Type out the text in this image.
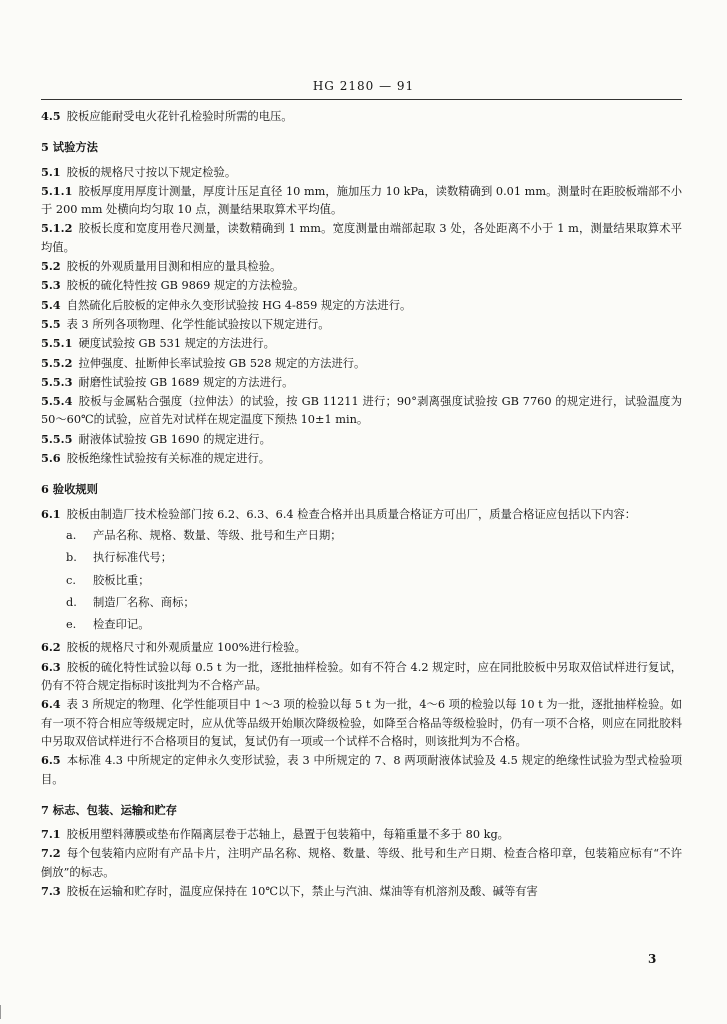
HG 2180 — 91

4.5 胶板应能耐受电火花针孔检验时所需的电压。

5 试验方法

5.1 胶板的规格尺寸按以下规定检验。

5.1.1 胶板厚度用厚度计测量，厚度计压足直径 10 mm，施加压力 10 kPa，读数精确到 0.01 mm。测量时在距胶板端部不小于 200 mm 处横向均匀取 10 点，测量结果取算术平均值。

5.1.2 胶板长度和宽度用卷尺测量，读数精确到 1 mm。宽度测量由端部起取 3 处，各处距离不小于 1 m，测量结果取算术平均值。

5.2 胶板的外观质量用目测和相应的量具检验。

5.3 胶板的硫化特性按 GB 9869 规定的方法检验。

5.4 自然硫化后胶板的定伸永久变形试验按 HG 4-859 规定的方法进行。

5.5 表 3 所列各项物理、化学性能试验按以下规定进行。

5.5.1 硬度试验按 GB 531 规定的方法进行。

5.5.2 拉伸强度、扯断伸长率试验按 GB 528 规定的方法进行。

5.5.3 耐磨性试验按 GB 1689 规定的方法进行。

5.5.4 胶板与金属粘合强度（拉伸法）的试验，按 GB 11211 进行；90°剥离强度试验按 GB 7760 的规定进行，试验温度为 50～60℃的试验，应首先对试样在规定温度下预热 10±1 min。

5.5.5 耐液体试验按 GB 1690 的规定进行。

5.6 胶板绝缘性试验按有关标准的规定进行。

6 验收规则

6.1 胶板由制造厂技术检验部门按 6.2、6.3、6.4 检查合格并出具质量合格证方可出厂，质量合格证应包括以下内容：

a. 产品名称、规格、数量、等级、批号和生产日期；

b. 执行标准代号；

c. 胶板比重；

d. 制造厂名称、商标；

e. 检查印记。

6.2 胶板的规格尺寸和外观质量应 100%进行检验。

6.3 胶板的硫化特性试验以每 0.5 t 为一批，逐批抽样检验。如有不符合 4.2 规定时，应在同批胶板中另取双倍试样进行复试，仍有不符合规定指标时该批判为不合格产品。

6.4 表 3 所规定的物理、化学性能项目中 1～3 项的检验以每 5 t 为一批，4～6 项的检验以每 10 t 为一批，逐批抽样检验。如有一项不符合相应等级规定时，应从优等品级开始顺次降级检验，如降至合格品等级检验时，仍有一项不合格，则应在同批胶料中另取双倍试样进行不合格项目的复试，复试仍有一项或一个试样不合格时，则该批判为不合格。

6.5 本标准 4.3 中所规定的定伸永久变形试验，表 3 中所规定的 7、8 两项耐液体试验及 4.5 规定的绝缘性试验为型式检验项目。

7 标志、包装、运输和贮存

7.1 胶板用塑料薄膜或垫布作隔离层卷于芯轴上，悬置于包装箱中，每箱重量不多于 80 kg。

7.2 每个包装箱内应附有产品卡片，注明产品名称、规格、数量、等级、批号和生产日期、检查合格印章，包装箱应标有“不许倒放”的标志。

7.3 胶板在运输和贮存时，温度应保持在 10℃以下，禁止与汽油、煤油等有机溶剂及酸、碱等有害

3
